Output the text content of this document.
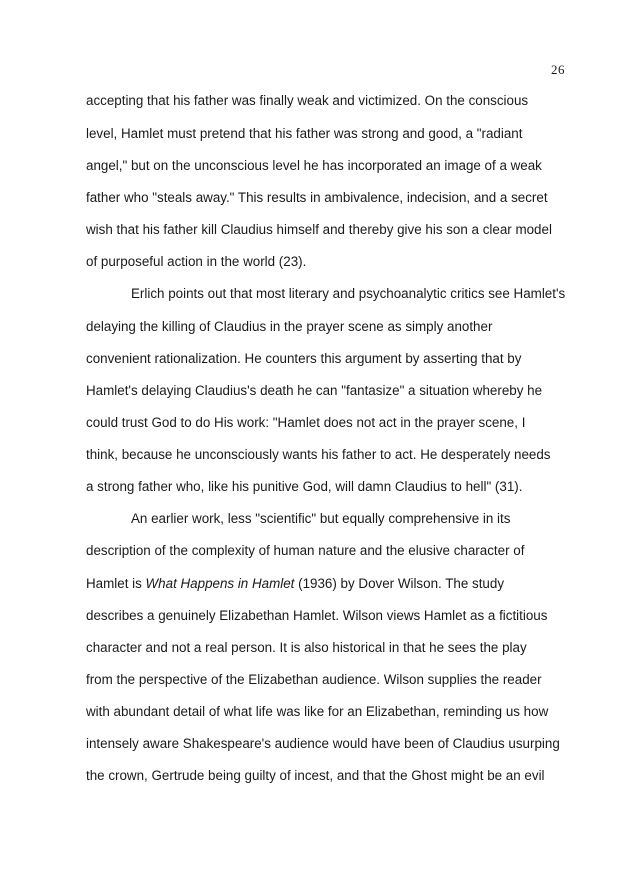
26
accepting that his father was finally weak and victimized. On the conscious
level, Hamlet must pretend that his father was strong and good, a "radiant
angel," but on the unconscious level he has incorporated an image of a weak
father who "steals away." This results in ambivalence, indecision, and a secret
wish that his father kill Claudius himself and thereby give his son a clear model
of purposeful action in the world (23).
Erlich points out that most literary and psychoanalytic critics see Hamlet's
delaying the killing of Claudius in the prayer scene as simply another
convenient rationalization. He counters this argument by asserting that by
Hamlet's delaying Claudius's death he can "fantasize" a situation whereby he
could trust God to do His work: "Hamlet does not act in the prayer scene, I
think, because he unconsciously wants his father to act. He desperately needs
a strong father who, like his punitive God, will damn Claudius to hell" (31).
An earlier work, less "scientific" but equally comprehensive in its
description of the complexity of human nature and the elusive character of
Hamlet is What Happens in Hamlet (1936) by Dover Wilson. The study
describes a genuinely Elizabethan Hamlet. Wilson views Hamlet as a fictitious
character and not a real person. It is also historical in that he sees the play
from the perspective of the Elizabethan audience. Wilson supplies the reader
with abundant detail of what life was like for an Elizabethan, reminding us how
intensely aware Shakespeare's audience would have been of Claudius usurping
the crown, Gertrude being guilty of incest, and that the Ghost might be an evil
